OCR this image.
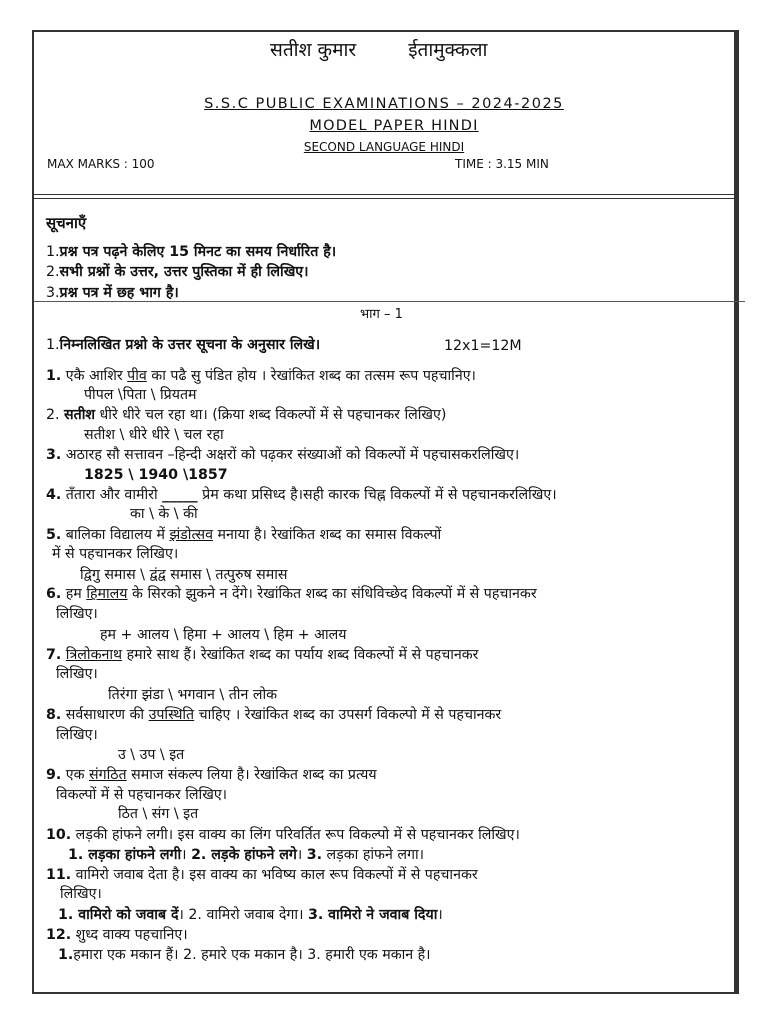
सतीश कुमार	ईतामुक्कला
S.S.C PUBLIC EXAMINATIONS – 2024-2025
MODEL PAPER HINDI
SECOND LANGUAGE HINDI
MAX MARKS : 100	TIME : 3.15 MIN
सूचनाएँ
1.प्रश्न पत्र पढ़ने केलिए 15 मिनट का समय निर्धारित है।
2.सभी प्रश्नों के उत्तर, उत्तर पुस्तिका में ही लिखिए।
3.प्रश्न पत्र में छह भाग है।
भाग – 1
1.निम्नलिखित प्रश्नो के उत्तर सूचना के अनुसार लिखे।	12x1=12M
1. एकै आशिर पीव का पढै सु पंडित होय । रेखांकित शब्द का तत्सम रूप पहचानिए।
पीपल \पिता \ प्रियतम
2. सतीश धीरे धीरे चल रहा था। (क्रिया शब्द विकल्पों में से पहचानकर लिखिए)
सतीश \ धीरे धीरे \ चल रहा
3. अठारह सौ सत्तावन –हिन्दी अक्षरों को पढ़कर संख्याओं को विकल्पों में पहचासकरलिखिए।
1825 \ 1940 \1857
4. तँतारा और वामीरो _____ प्रेम कथा प्रसिध्द है।सही कारक चिह्न विकल्पों में से पहचानकरलिखिए।
का \ के \ की
5. बालिका विद्यालय में झंडोत्सव मनाया है। रेखांकित शब्द का समास विकल्पों
में से पहचानकर लिखिए।
द्विगु समास \ द्वंद्व समास \ तत्पुरुष समास
6. हम हिमालय के सिरको झुकने न देंगे। रेखांकित शब्द का संधिविच्छेद विकल्पों में से पहचानकर
लिखिए।
हम + आलय \ हिमा + आलय \ हिम + आलय
7. त्रिलोकनाथ हमारे साथ हैं। रेखांकित शब्द का पर्याय शब्द विकल्पों में से पहचानकर
लिखिए।
तिरंगा झंडा \ भगवान \ तीन लोक
8. सर्वसाधारण की उपस्थिति चाहिए । रेखांकित शब्द का उपसर्ग विकल्पो में से पहचानकर
लिखिए।
उ \ उप \ इत
9. एक संगठित समाज संकल्प लिया है। रेखांकित शब्द का प्रत्यय
विकल्पों में से पहचानकर लिखिए।
ठित \ संग \ इत
10. लड़की हांफने लगी। इस वाक्य का लिंग परिवर्तित रूप विकल्पो में से पहचानकर लिखिए।
1. लड़का हांफने लगी। 2. लड़के हांफने लगे। 3. लड़का हांफने लगा।
11. वामिरो जवाब देता है। इस वाक्य का भविष्य काल रूप विकल्पों में से पहचानकर
लिखिए।
1. वामिरो को जवाब दें। 2. वामिरो जवाब देगा। 3. वामिरो ने जवाब दिया।
12. शुध्द वाक्य पहचानिए।
1.हमारा एक मकान हैं। 2. हमारे एक मकान है। 3. हमारी एक मकान है।
